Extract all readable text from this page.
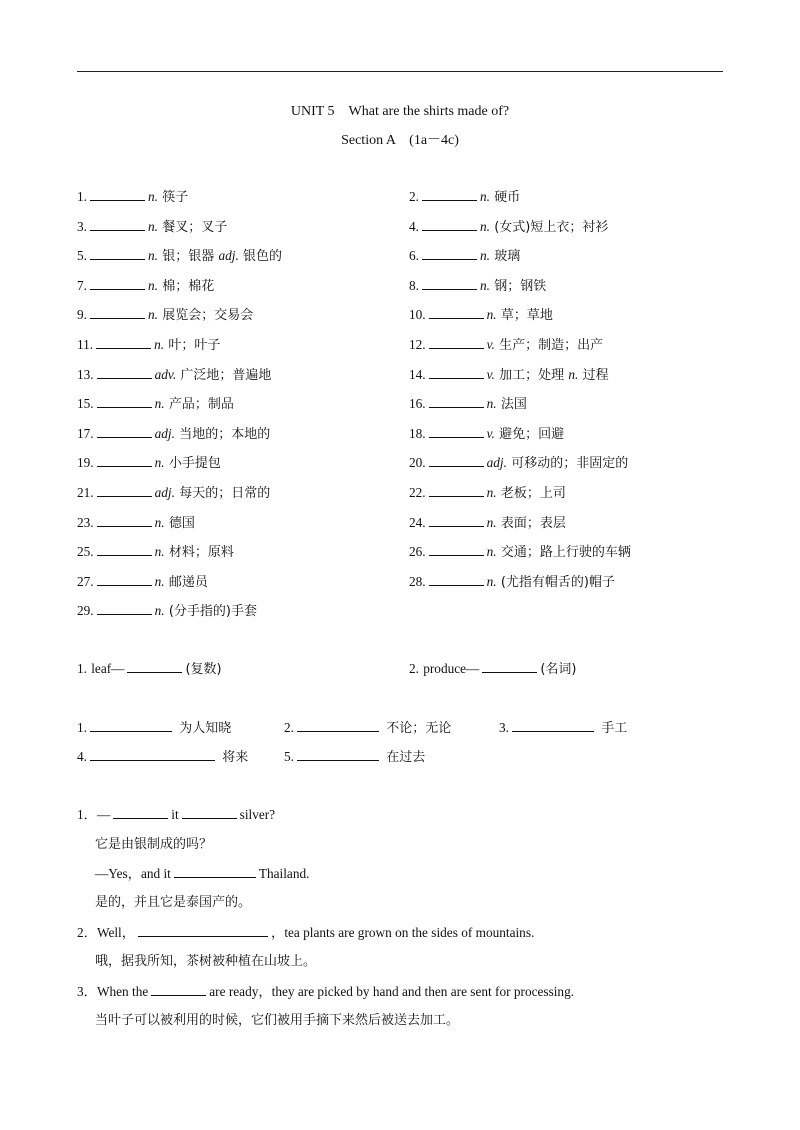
UNIT 5　What are the shirts made of?
Section A　(1a－4c)
1.	n. 筷子	2.	n. 硬币
3.	n. 餐叉；叉子	4.	n. (女式)短上衣；衬衫
5.	n. 银；银器 adj. 银色的	6.	n. 玻璃
7.	n. 棉；棉花	8.	n. 钢；钢铁
9.	n. 展览会；交易会	10.	n. 草；草地
11.	n. 叶；叶子	12.	v. 生产；制造；出产
13.	adv. 广泛地；普遍地	14.	v. 加工；处理 n. 过程
15.	n. 产品；制品	16.	n. 法国
17.	adj. 当地的；本地的	18.	v. 避免；回避
19.	n. 小手提包	20.	adj. 可移动的；非固定的
21.	adj. 每天的；日常的	22.	n. 老板；上司
23.	n. 德国	24.	n. 表面；表层
25.	n. 材料；原料	26.	n. 交通；路上行驶的车辆
27.	n. 邮递员	28.	n. (尤指有帽舌的)帽子
29.	n. (分手指的)手套
1. leaf—	(复数)	2. produce—	(名词)
1.	为人知晓	2.	不论；无论	3.	手工
4.	将来	5.	在过去
1．—	it	silver?
它是由银制成的吗？
—Yes，and it	Thailand.
是的，并且它是泰国产的。
2．Well，	，tea plants are grown on the sides of mountains.
哦，据我所知，茶树被种植在山坡上。
3．When the	are ready，they are picked by hand and then are sent for processing.
当叶子可以被利用的时候，它们被用手摘下来然后被送去加工。
